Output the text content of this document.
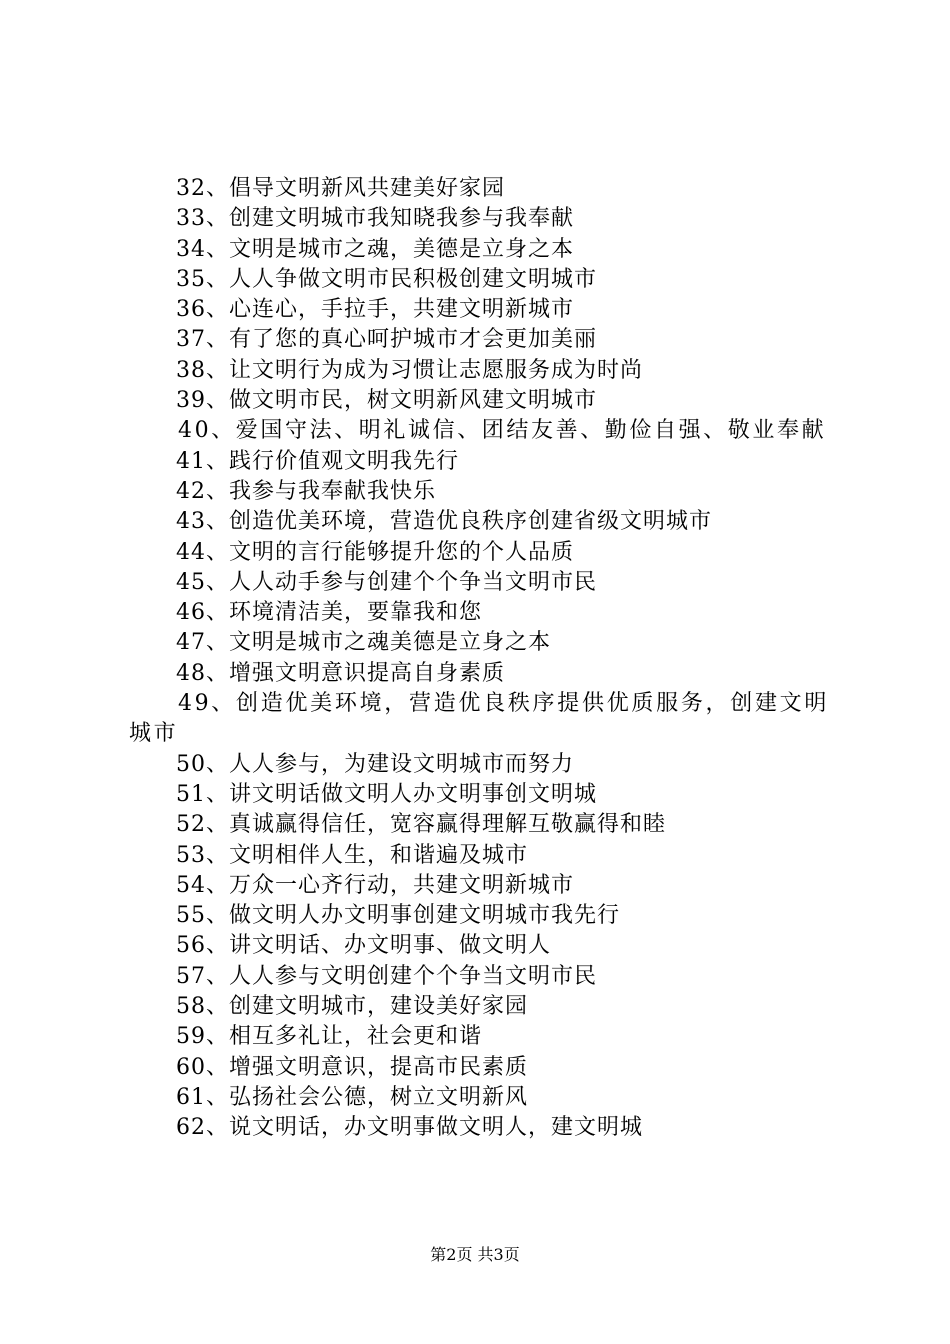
32、倡导文明新风共建美好家园
33、创建文明城市我知晓我参与我奉献
34、文明是城市之魂，美德是立身之本
35、人人争做文明市民积极创建文明城市
36、心连心，手拉手，共建文明新城市
37、有了您的真心呵护城市才会更加美丽
38、让文明行为成为习惯让志愿服务成为时尚
39、做文明市民，树文明新风建文明城市
40、爱国守法、明礼诚信、团结友善、勤俭自强、敬业奉献
41、践行价值观文明我先行
42、我参与我奉献我快乐
43、创造优美环境，营造优良秩序创建省级文明城市
44、文明的言行能够提升您的个人品质
45、人人动手参与创建个个争当文明市民
46、环境清洁美，要靠我和您
47、文明是城市之魂美德是立身之本
48、增强文明意识提高自身素质
49、创造优美环境，营造优良秩序提供优质服务，创建文明城市
50、人人参与，为建设文明城市而努力
51、讲文明话做文明人办文明事创文明城
52、真诚赢得信任，宽容赢得理解互敬赢得和睦
53、文明相伴人生，和谐遍及城市
54、万众一心齐行动，共建文明新城市
55、做文明人办文明事创建文明城市我先行
56、讲文明话、办文明事、做文明人
57、人人参与文明创建个个争当文明市民
58、创建文明城市，建设美好家园
59、相互多礼让，社会更和谐
60、增强文明意识，提高市民素质
61、弘扬社会公德，树立文明新风
62、说文明话，办文明事做文明人，建文明城
第2页 共3页
